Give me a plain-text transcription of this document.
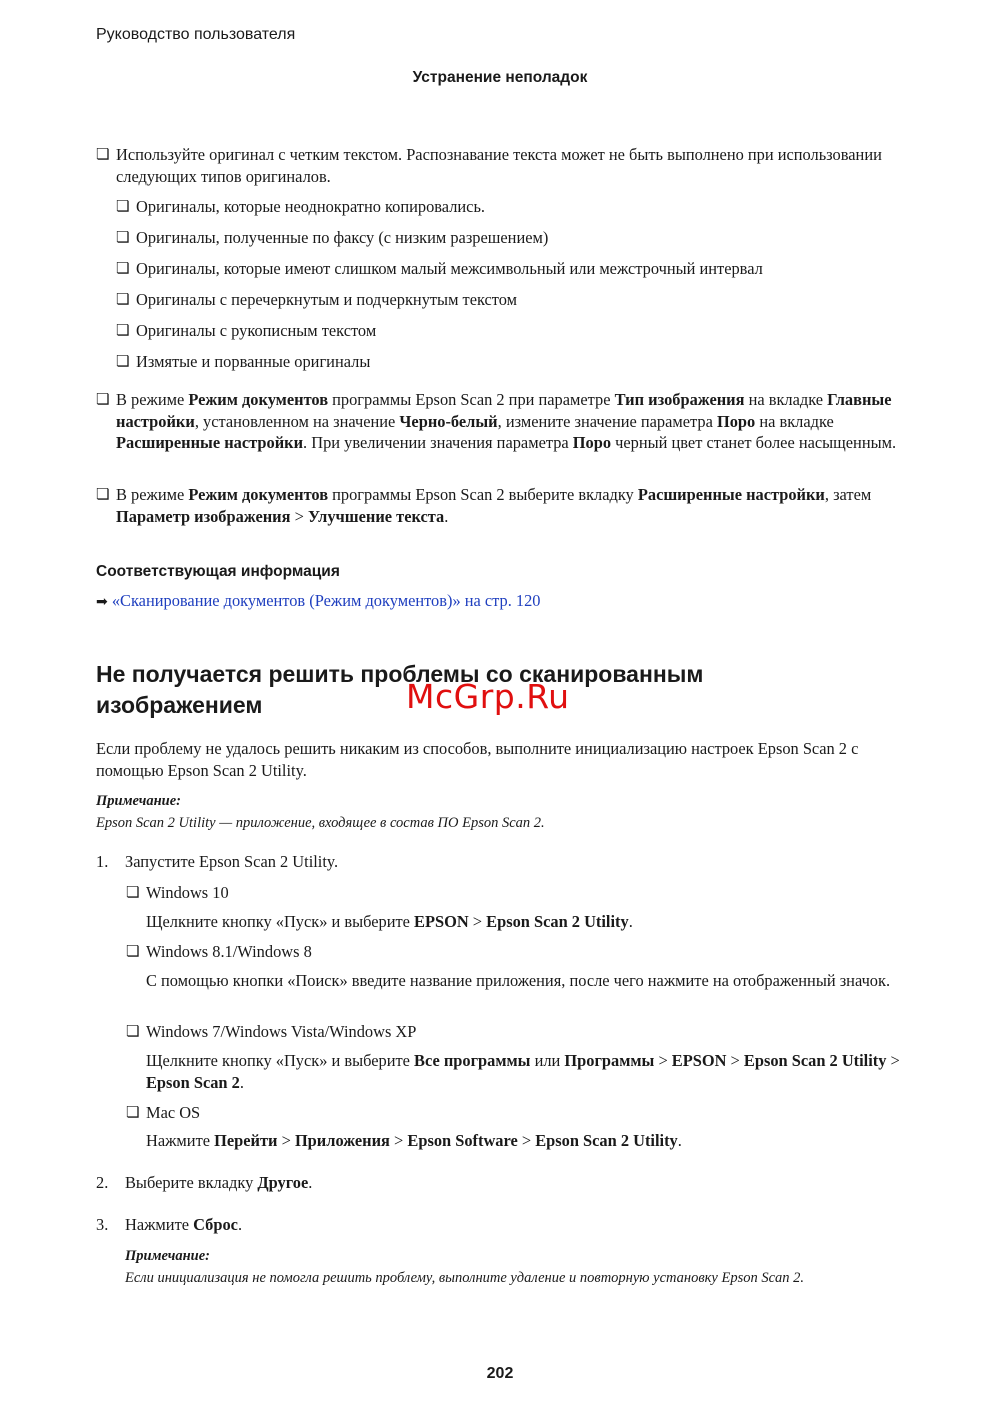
Руководство пользователя
Устранение неполадок
❏ Используйте оригинал с четким текстом. Распознавание текста может не быть выполнено при использовании следующих типов оригиналов.
❏ Оригиналы, которые неоднократно копировались.
❏ Оригиналы, полученные по факсу (с низким разрешением)
❏ Оригиналы, которые имеют слишком малый межсимвольный или межстрочный интервал
❏ Оригиналы с перечеркнутым и подчеркнутым текстом
❏ Оригиналы с рукописным текстом
❏ Измятые и порванные оригиналы
❏ В режиме Режим документов программы Epson Scan 2 при параметре Тип изображения на вкладке Главные настройки, установленном на значение Черно-белый, измените значение параметра Поро на вкладке Расширенные настройки. При увеличении значения параметра Поро черный цвет станет более насыщенным.
❏ В режиме Режим документов программы Epson Scan 2 выберите вкладку Расширенные настройки, затем Параметр изображения > Улучшение текста.
Соответствующая информация
➡ «Сканирование документов (Режим документов)» на стр. 120
Не получается решить проблемы со сканированным
изображением	McGrp.Ru
Если проблему не удалось решить никаким из способов, выполните инициализацию настроек Epson Scan 2 с помощью Epson Scan 2 Utility.
Примечание:
Epson Scan 2 Utility — приложение, входящее в состав ПО Epson Scan 2.
1.	Запустите Epson Scan 2 Utility.
❏ Windows 10
Щелкните кнопку «Пуск» и выберите EPSON > Epson Scan 2 Utility.
❏ Windows 8.1/Windows 8
С помощью кнопки «Поиск» введите название приложения, после чего нажмите на отображенный значок.
❏ Windows 7/Windows Vista/Windows XP
Щелкните кнопку «Пуск» и выберите Все программы или Программы > EPSON > Epson Scan 2 Utility > Epson Scan 2.
❏ Mac OS
Нажмите Перейти > Приложения > Epson Software > Epson Scan 2 Utility.
2.	Выберите вкладку Другое.
3.	Нажмите Сброс.
Примечание:
Если инициализация не помогла решить проблему, выполните удаление и повторную установку Epson Scan 2.
202
